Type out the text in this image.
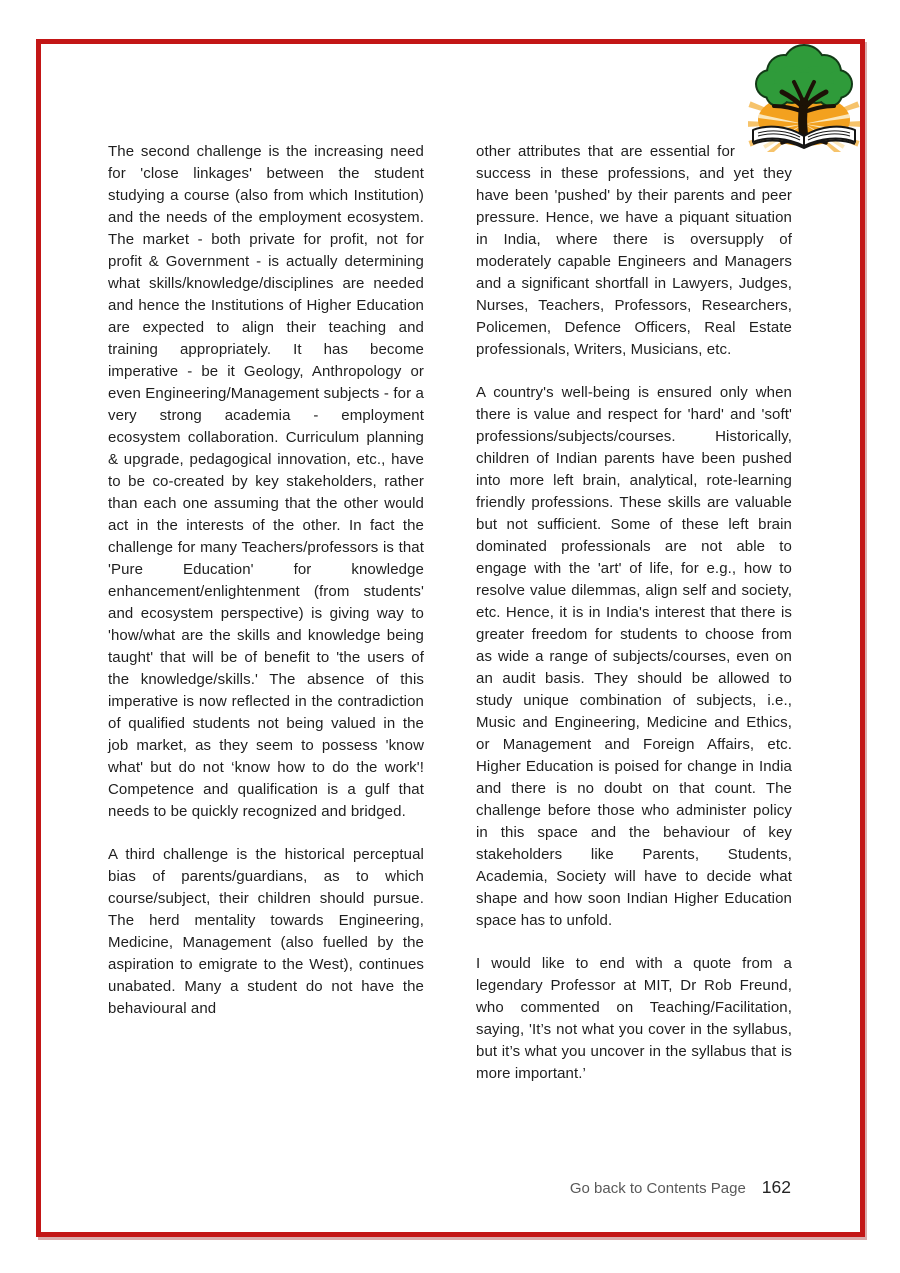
The second challenge is the increasing need for 'close linkages' between the student studying a course (also from which Institution) and the needs of the employment ecosystem. The market - both private for profit, not for profit & Government - is actually determining what skills/knowledge/disciplines are needed and hence the Institutions of Higher Education are expected to align their teaching and training appropriately. It has become imperative - be it Geology, Anthropology or even Engineering/Management subjects - for a very strong academia - employment ecosystem collaboration. Curriculum planning & upgrade, pedagogical innovation, etc., have to be co-created by key stakeholders, rather than each one assuming that the other would act in the interests of the other. In fact the challenge for many Teachers/professors is that 'Pure Education' for knowledge enhancement/enlightenment (from students' and ecosystem perspective) is giving way to 'how/what are the skills and knowledge being taught' that will be of benefit to 'the users of the knowledge/skills.' The absence of this imperative is now reflected in the contradiction of qualified students not being valued in the job market, as they seem to possess 'know what' but do not ‘know how to do the work'! Competence and qualification is a gulf that needs to be quickly recognized and bridged.

A third challenge is the historical perceptual bias of parents/guardians, as to which course/subject, their children should pursue. The herd mentality towards Engineering, Medicine, Management (also fuelled by the aspiration to emigrate to the West), continues unabated. Many a student do not have the behavioural and

other attributes that are essential for success in these professions, and yet they have been 'pushed' by their parents and peer pressure. Hence, we have a piquant situation in India, where there is oversupply of moderately capable Engineers and Managers and a significant shortfall in Lawyers, Judges, Nurses, Teachers, Professors, Researchers, Policemen, Defence Officers, Real Estate professionals, Writers, Musicians, etc.

A country's well-being is ensured only when there is value and respect for 'hard' and 'soft' professions/subjects/courses. Historically, children of Indian parents have been pushed into more left brain, analytical, rote-learning friendly professions. These skills are valuable but not sufficient. Some of these left brain dominated professionals are not able to engage with the 'art' of life, for e.g., how to resolve value dilemmas, align self and society, etc. Hence, it is in India's interest that there is greater freedom for students to choose from as wide a range of subjects/courses, even on an audit basis. They should be allowed to study unique combination of subjects, i.e., Music and Engineering, Medicine and Ethics, or Management and Foreign Affairs, etc. Higher Education is poised for change in India and there is no doubt on that count. The challenge before those who administer policy in this space and the behaviour of key stakeholders like Parents, Students, Academia, Society will have to decide what shape and how soon Indian Higher Education space has to unfold.

I would like to end with a quote from a legendary Professor at MIT, Dr Rob Freund, who commented on Teaching/Facilitation, saying, 'It’s not what you cover in the syllabus, but it’s what you uncover in the syllabus that is more important.’

Go back to Contents Page 162
